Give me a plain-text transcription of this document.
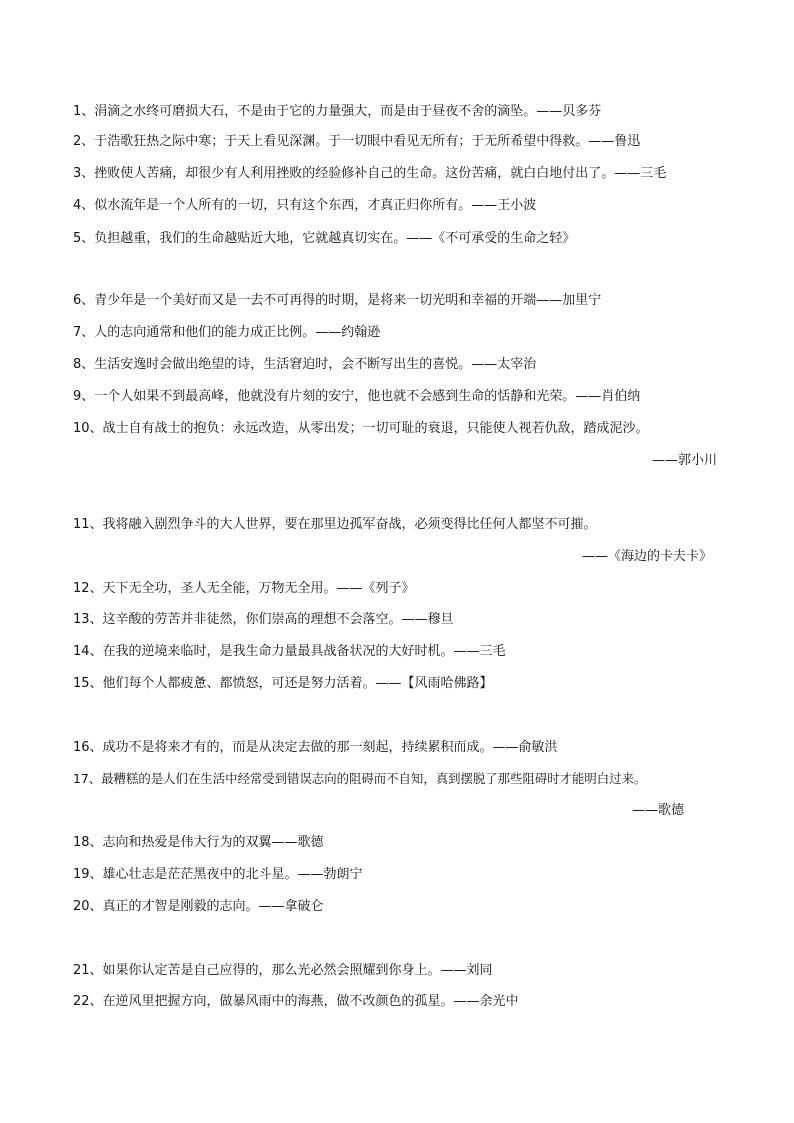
1、涓滴之水终可磨损大石，不是由于它的力量强大，而是由于昼夜不舍的滴坠。——贝多芬
2、于浩歌狂热之际中寒；于天上看见深渊。于一切眼中看见无所有；于无所希望中得救。——鲁迅
3、挫败使人苦痛，却很少有人利用挫败的经验修补自己的生命。这份苦痛，就白白地付出了。——三毛
4、似水流年是一个人所有的一切，只有这个东西，才真正归你所有。——王小波
5、负担越重，我们的生命越贴近大地，它就越真切实在。——《不可承受的生命之轻》
6、青少年是一个美好而又是一去不可再得的时期，是将来一切光明和幸福的开端——加里宁
7、人的志向通常和他们的能力成正比例。——约翰逊
8、生活安逸时会做出绝望的诗，生活窘迫时，会不断写出生的喜悦。——太宰治
9、一个人如果不到最高峰，他就没有片刻的安宁，他也就不会感到生命的恬静和光荣。——肖伯纳
10、战士自有战士的抱负：永远改造，从零出发；一切可耻的衰退，只能使人视若仇敌，踏成泥沙。
——郭小川
11、我将融入剧烈争斗的大人世界，要在那里边孤军奋战，必须变得比任何人都坚不可摧。
——《海边的卡夫卡》
12、天下无全功，圣人无全能，万物无全用。——《列子》
13、这辛酸的劳苦并非徒然，你们崇高的理想不会落空。——穆旦
14、在我的逆境来临时，是我生命力量最具战备状况的大好时机。——三毛
15、他们每个人都疲惫、都愤怒，可还是努力活着。——【风雨哈佛路】
16、成功不是将来才有的，而是从决定去做的那一刻起，持续累积而成。——俞敏洪
17、最糟糕的是人们在生活中经常受到错误志向的阻碍而不自知，真到摆脱了那些阻碍时才能明白过来。
——歌德
18、志向和热爱是伟大行为的双翼——歌德
19、雄心壮志是茫茫黑夜中的北斗星。——勃朗宁
20、真正的才智是刚毅的志向。——拿破仑
21、如果你认定苦是自己应得的，那么光必然会照耀到你身上。——刘同
22、在逆风里把握方向，做暴风雨中的海燕，做不改颜色的孤星。——余光中
